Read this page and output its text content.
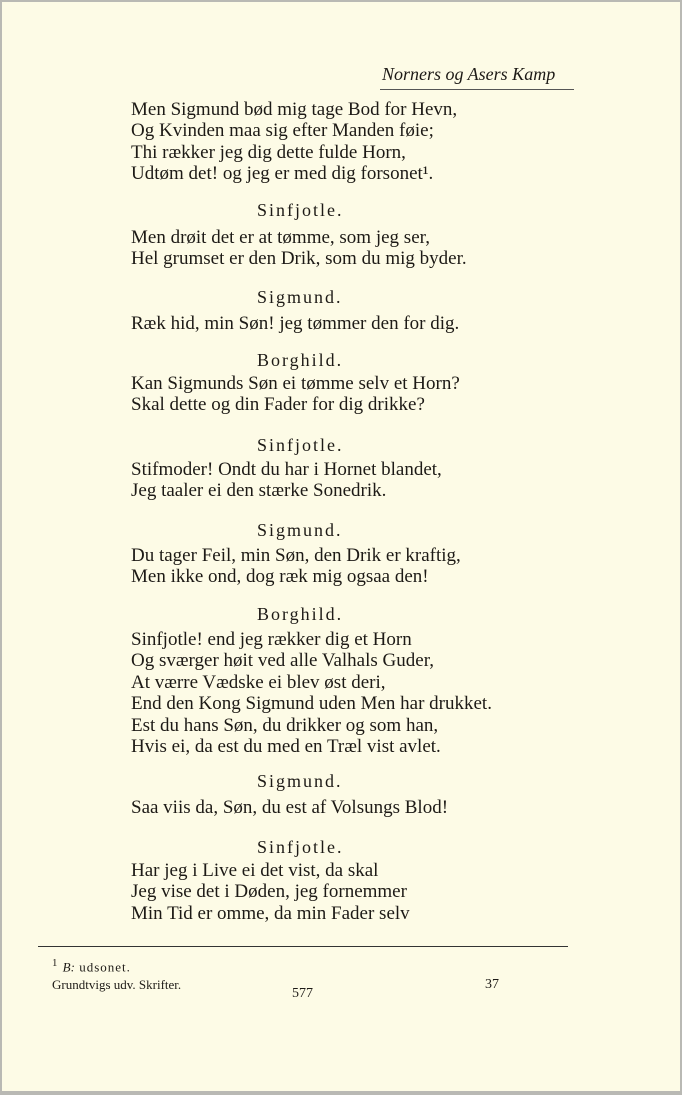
Norners og Asers Kamp
Men Sigmund bød mig tage Bod for Hevn,
Og Kvinden maa sig efter Manden føie;
Thi rækker jeg dig dette fulde Horn,
Udtøm det! og jeg er med dig forsonet¹.
Sinfjotle.
Men drøit det er at tømme, som jeg ser,
Hel grumset er den Drik, som du mig byder.
Sigmund.
Ræk hid, min Søn! jeg tømmer den for dig.
Borghild.
Kan Sigmunds Søn ei tømme selv et Horn?
Skal dette og din Fader for dig drikke?
Sinfjotle.
Stifmoder! Ondt du har i Hornet blandet,
Jeg taaler ei den stærke Sonedrik.
Sigmund.
Du tager Feil, min Søn, den Drik er kraftig,
Men ikke ond, dog ræk mig ogsaa den!
Borghild.
Sinfjotle! end jeg rækker dig et Horn
Og sværger høit ved alle Valhals Guder,
At værre Vædske ei blev øst deri,
End den Kong Sigmund uden Men har drukket.
Est du hans Søn, du drikker og som han,
Hvis ei, da est du med en Træl vist avlet.
Sigmund.
Saa viis da, Søn, du est af Volsungs Blod!
Sinfjotle.
Har jeg i Live ei det vist, da skal
Jeg vise det i Døden, jeg fornemmer
Min Tid er omme, da min Fader selv
$^1$ B: udsonet.
Grundtvigs udv. Skrifter.
577
37
